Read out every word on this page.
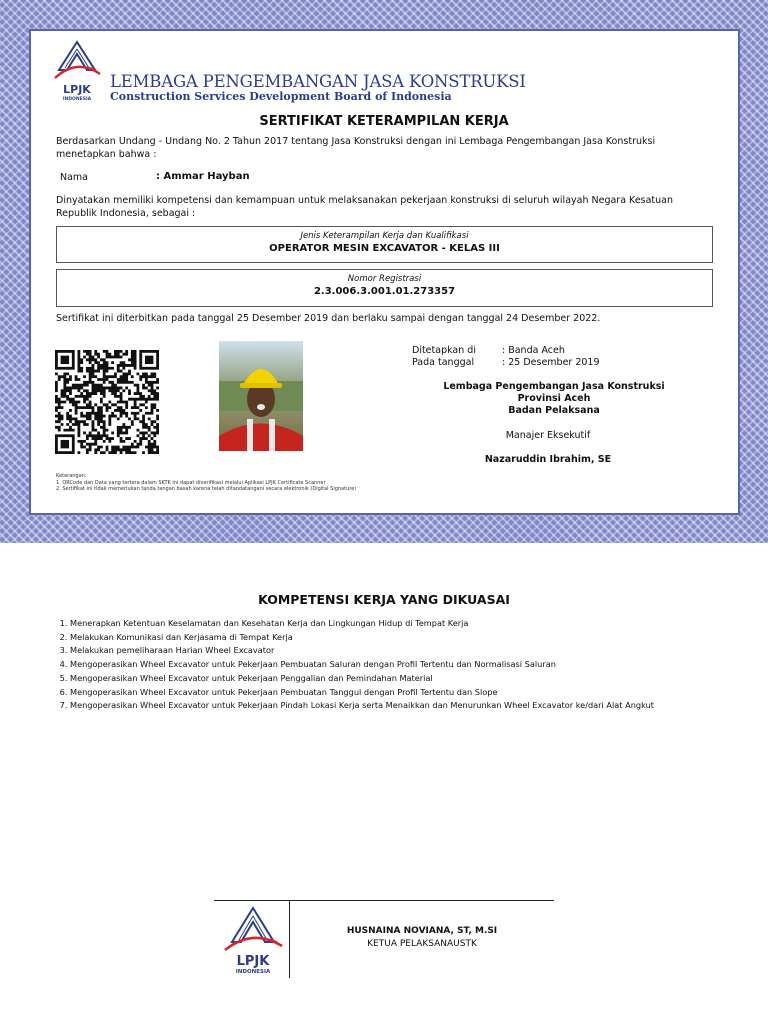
LPJK
INDONESIA
LEMBAGA PENGEMBANGAN JASA KONSTRUKSI
Construction Services Development Board of Indonesia
SERTIFIKAT KETERAMPILAN KERJA
Berdasarkan Undang - Undang No. 2 Tahun 2017 tentang Jasa Konstruksi dengan ini Lembaga Pengembangan Jasa Konstruksi menetapkan bahwa :
Nama	: Ammar Hayban
Dinyatakan memiliki kompetensi dan kemampuan untuk melaksanakan pekerjaan konstruksi di seluruh wilayah Negara Kesatuan Republik Indonesia, sebagai :
Jenis Keterampilan Kerja dan Kualifikasi
OPERATOR MESIN EXCAVATOR - KELAS III
Nomor Registrasi
2.3.006.3.001.01.273357
Sertifikat ini diterbitkan pada tanggal 25 Desember 2019 dan berlaku sampai dengan tanggal 24 Desember 2022.
Ditetapkan di	: Banda Aceh
Pada tanggal	: 25 Desember 2019
Lembaga Pengembangan Jasa Konstruksi
Provinsi Aceh
Badan Pelaksana
Manajer Eksekutif
Nazaruddin Ibrahim, SE
Keterangan:
1. QRCode dan Data yang tertera dalam SKTK ini dapat diverifikasi melalui Aplikasi LPJK Certificate Scanner
2. Sertifikat ini tidak memerlukan tanda tangan basah karena telah ditandatangani secara elektronik (Digital Signature)
KOMPETENSI KERJA YANG DIKUASAI
1. Menerapkan Ketentuan Keselamatan dan Kesehatan Kerja dan Lingkungan Hidup di Tempat Kerja
2. Melakukan Komunikasi dan Kerjasama di Tempat Kerja
3. Melakukan pemeliharaan Harian Wheel Excavator
4. Mengoperasikan Wheel Excavator untuk Pekerjaan Pembuatan Saluran dengan Profil Tertentu dan Normalisasi Saluran
5. Mengoperasikan Wheel Excavator untuk Pekerjaan Penggalian dan Pemindahan Material
6. Mengoperasikan Wheel Excavator untuk Pekerjaan Pembuatan Tanggul dengan Profil Tertentu dan Slope
7. Mengoperasikan Wheel Excavator untuk Pekerjaan Pindah Lokasi Kerja serta Menaikkan dan Menurunkan Wheel Excavator ke/dari Alat Angkut
LPJK
INDONESIA
HUSNAINA NOVIANA, ST, M.SI
KETUA PELAKSANAUSTK
